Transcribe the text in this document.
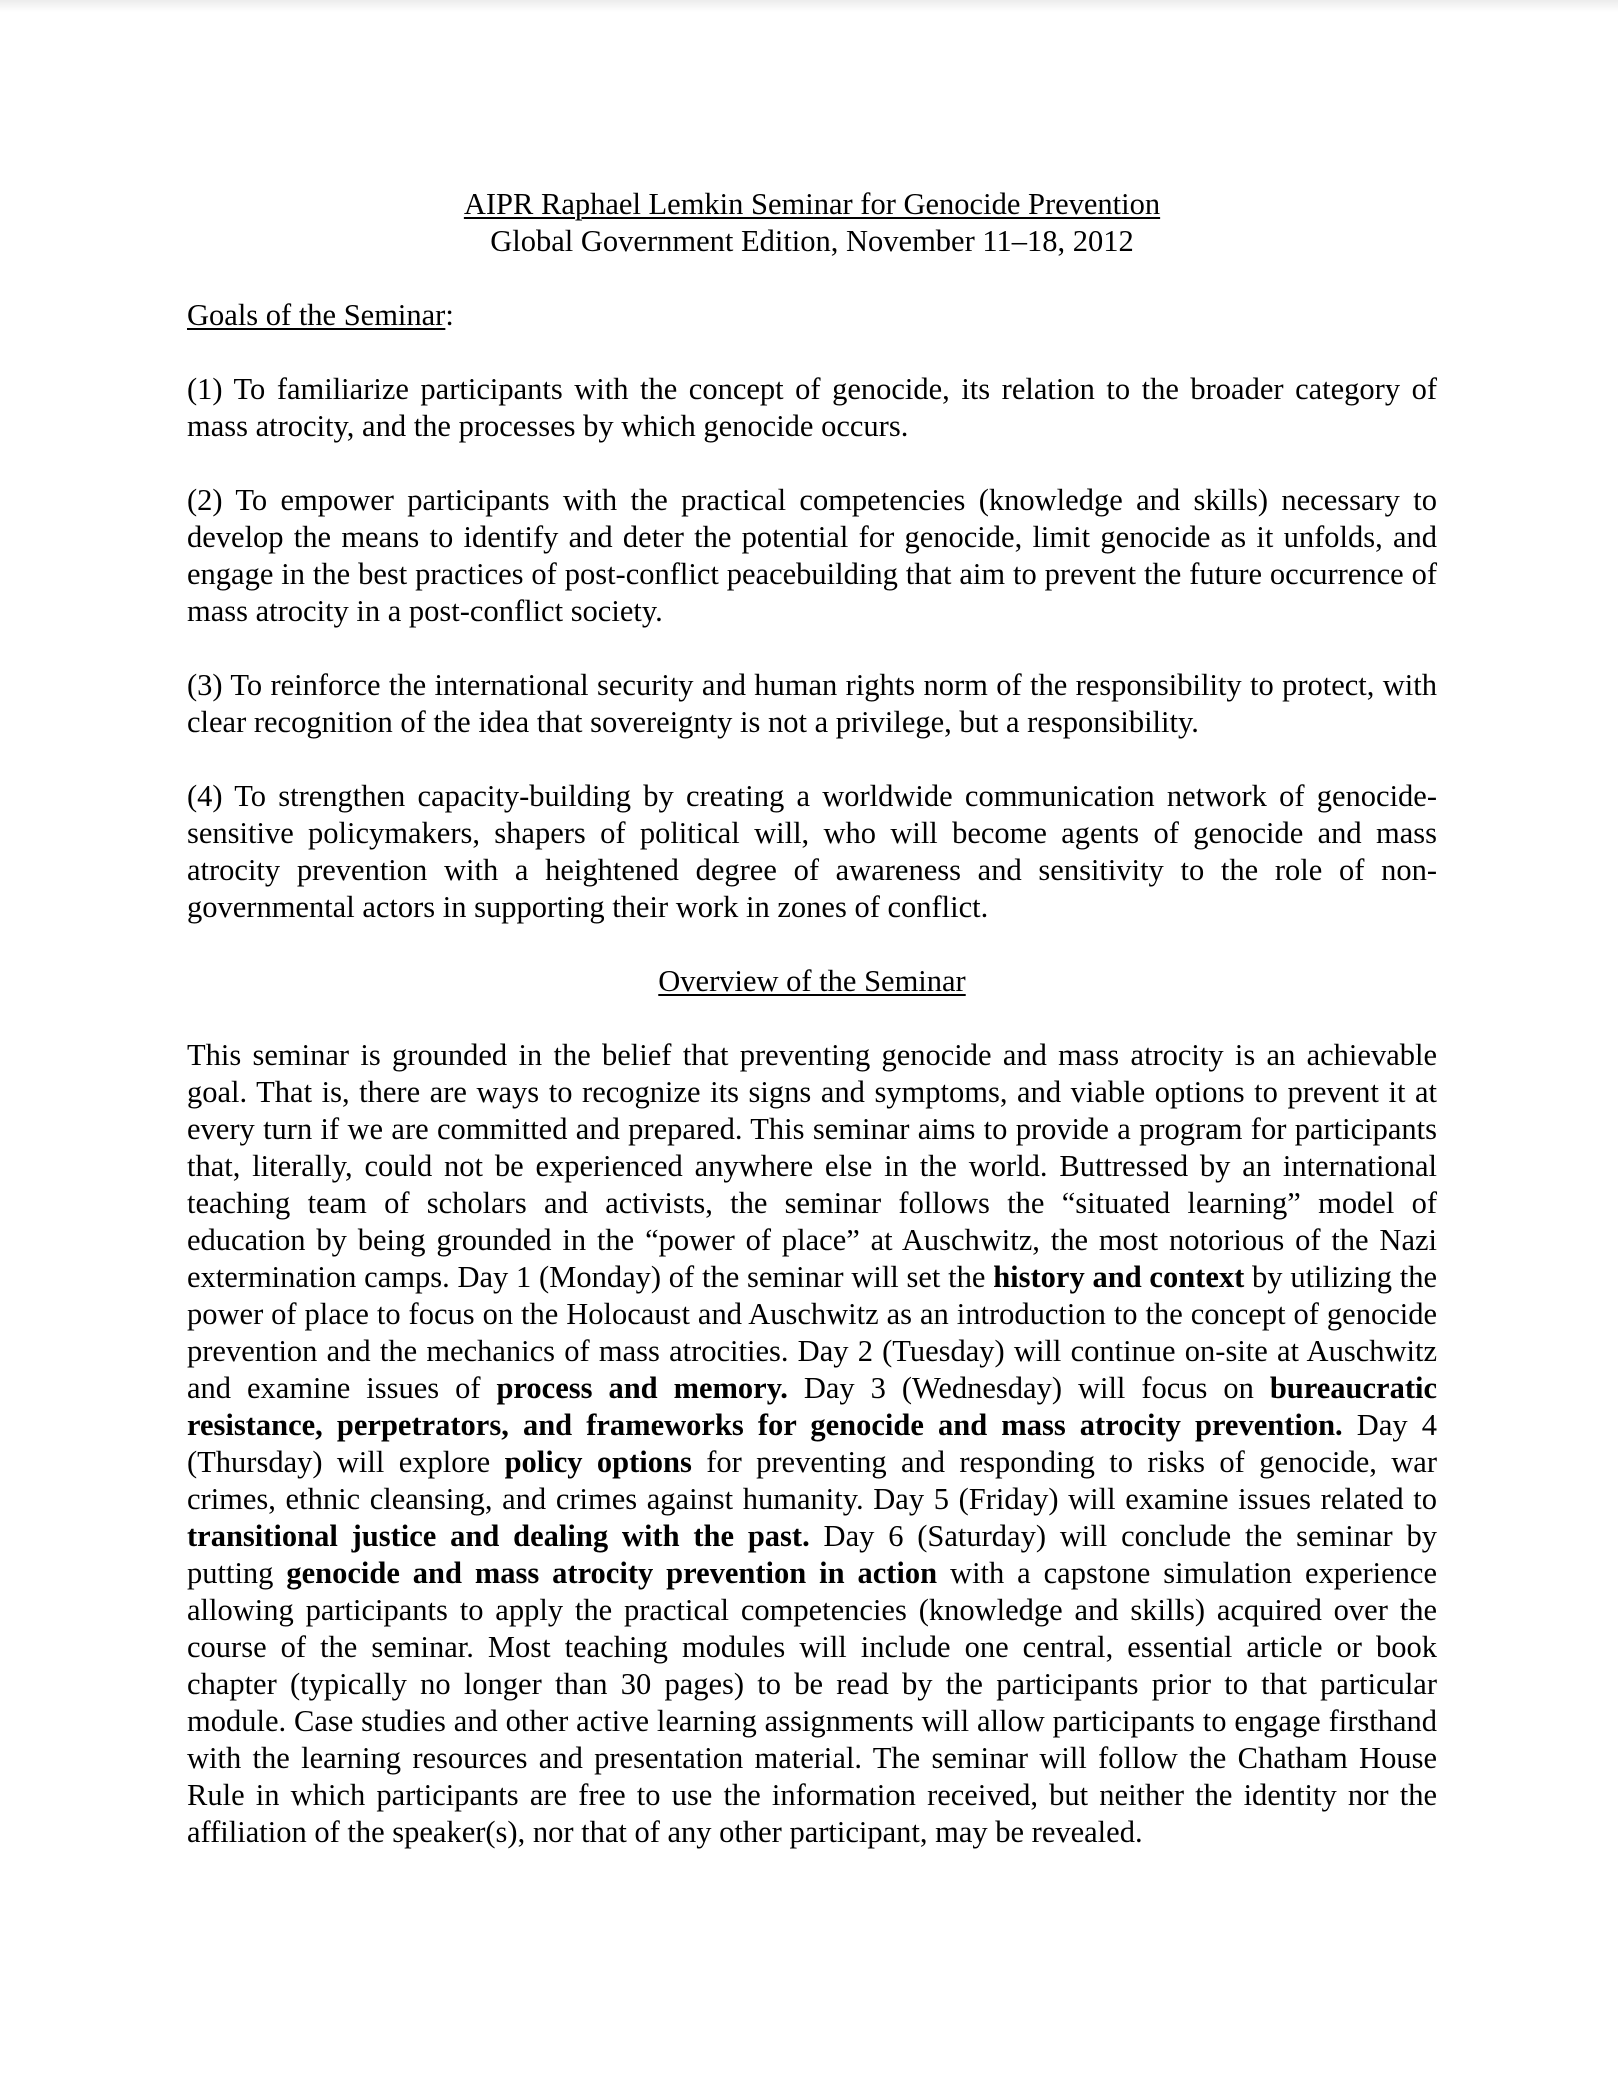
AIPR Raphael Lemkin Seminar for Genocide Prevention
Global Government Edition, November 11–18, 2012
Goals of the Seminar:

(1) To familiarize participants with the concept of genocide, its relation to the broader category of mass atrocity, and the processes by which genocide occurs.

(2) To empower participants with the practical competencies (knowledge and skills) necessary to develop the means to identify and deter the potential for genocide, limit genocide as it unfolds, and engage in the best practices of post-conflict peacebuilding that aim to prevent the future occurrence of mass atrocity in a post-conflict society.

(3) To reinforce the international security and human rights norm of the responsibility to protect, with clear recognition of the idea that sovereignty is not a privilege, but a responsibility.

(4) To strengthen capacity-building by creating a worldwide communication network of genocide-sensitive policymakers, shapers of political will, who will become agents of genocide and mass atrocity prevention with a heightened degree of awareness and sensitivity to the role of non-governmental actors in supporting their work in zones of conflict.

Overview of the Seminar

This seminar is grounded in the belief that preventing genocide and mass atrocity is an achievable goal. That is, there are ways to recognize its signs and symptoms, and viable options to prevent it at every turn if we are committed and prepared. This seminar aims to provide a program for participants that, literally, could not be experienced anywhere else in the world. Buttressed by an international teaching team of scholars and activists, the seminar follows the “situated learning” model of education by being grounded in the “power of place” at Auschwitz, the most notorious of the Nazi extermination camps. Day 1 (Monday) of the seminar will set the history and context by utilizing the power of place to focus on the Holocaust and Auschwitz as an introduction to the concept of genocide prevention and the mechanics of mass atrocities. Day 2 (Tuesday) will continue on-site at Auschwitz and examine issues of process and memory. Day 3 (Wednesday) will focus on bureaucratic resistance, perpetrators, and frameworks for genocide and mass atrocity prevention. Day 4 (Thursday) will explore policy options for preventing and responding to risks of genocide, war crimes, ethnic cleansing, and crimes against humanity. Day 5 (Friday) will examine issues related to transitional justice and dealing with the past. Day 6 (Saturday) will conclude the seminar by putting genocide and mass atrocity prevention in action with a capstone simulation experience allowing participants to apply the practical competencies (knowledge and skills) acquired over the course of the seminar. Most teaching modules will include one central, essential article or book chapter (typically no longer than 30 pages) to be read by the participants prior to that particular module. Case studies and other active learning assignments will allow participants to engage firsthand with the learning resources and presentation material. The seminar will follow the Chatham House Rule in which participants are free to use the information received, but neither the identity nor the affiliation of the speaker(s), nor that of any other participant, may be revealed.
